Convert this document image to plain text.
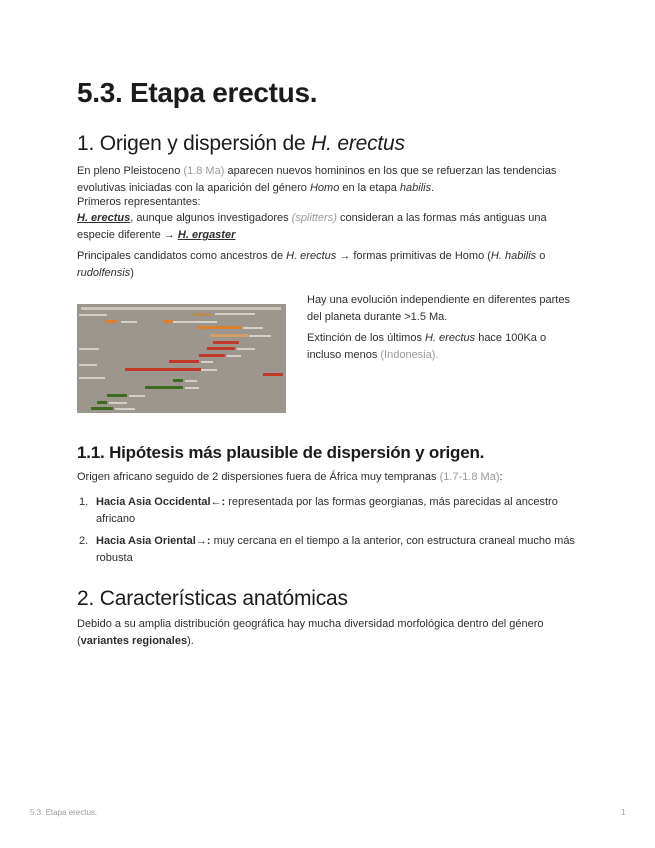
5.3. Etapa erectus.
1. Origen y dispersión de H. erectus

En pleno Pleistoceno (1.8 Ma) aparecen nuevos homininos en los que se refuerzan las tendencias evolutivas iniciadas con la aparición del género Homo en la etapa habilis.

Primeros representantes:

H. erectus, aunque algunos investigadores (splitters) consideran a las formas más antiguas una especie diferente → H. ergaster

Principales candidatos como ancestros de H. erectus → formas primitivas de Homo (H. habilis o rudolfensis)

Hay una evolución independiente en diferentes partes del planeta durante >1.5 Ma.

Extinción de los últimos H. erectus hace 100Ka o incluso menos (Indonesia).

1.1. Hipótesis más plausible de dispersión y origen.

Origen africano seguido de 2 dispersiones fuera de África muy tempranas (1.7-1.8 Ma):

1. Hacia Asia Occidental←: representada por las formas georgianas, más parecidas al ancestro africano
2. Hacia Asia Oriental→: muy cercana en el tiempo a la anterior, con estructura craneal mucho más robusta
2. Características anatómicas

Debido a su amplia distribución geográfica hay mucha diversidad morfológica dentro del género (variantes regionales).

5.3. Etapa erectus.	1
